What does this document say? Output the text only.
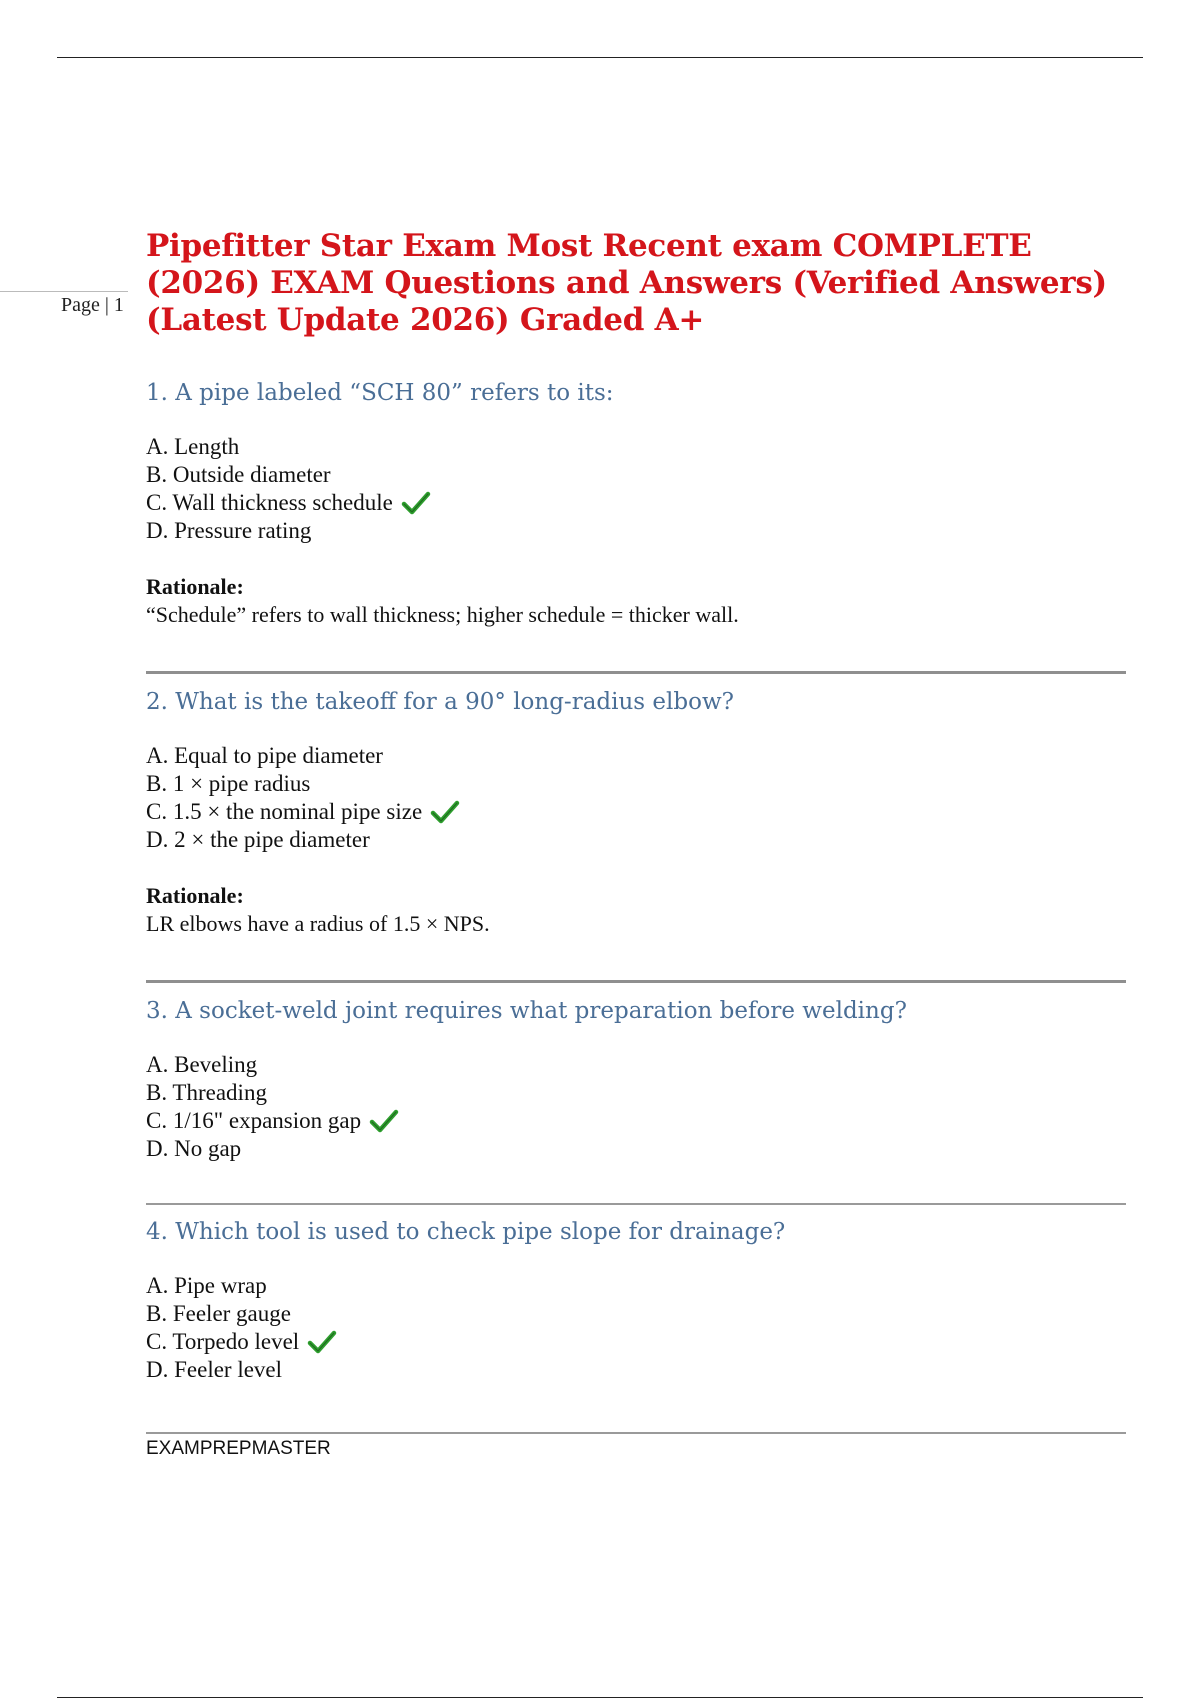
Page | 1
Pipefitter Star Exam Most Recent exam COMPLETE (2026) EXAM Questions and Answers (Verified Answers) (Latest Update 2026) Graded A+

1. A pipe labeled “SCH 80” refers to its:

A. Length
B. Outside diameter
C. Wall thickness schedule
D. Pressure rating

Rationale:

“Schedule” refers to wall thickness; higher schedule = thicker wall.

2. What is the takeoff for a 90° long-radius elbow?

A. Equal to pipe diameter
B. 1 × pipe radius
C. 1.5 × the nominal pipe size
D. 2 × the pipe diameter

Rationale:

LR elbows have a radius of 1.5 × NPS.

3. A socket-weld joint requires what preparation before welding?

A. Beveling
B. Threading
C. 1/16" expansion gap
D. No gap

4. Which tool is used to check pipe slope for drainage?

A. Pipe wrap
B. Feeler gauge
C. Torpedo level
D. Feeler level
EXAMPREPMASTER
